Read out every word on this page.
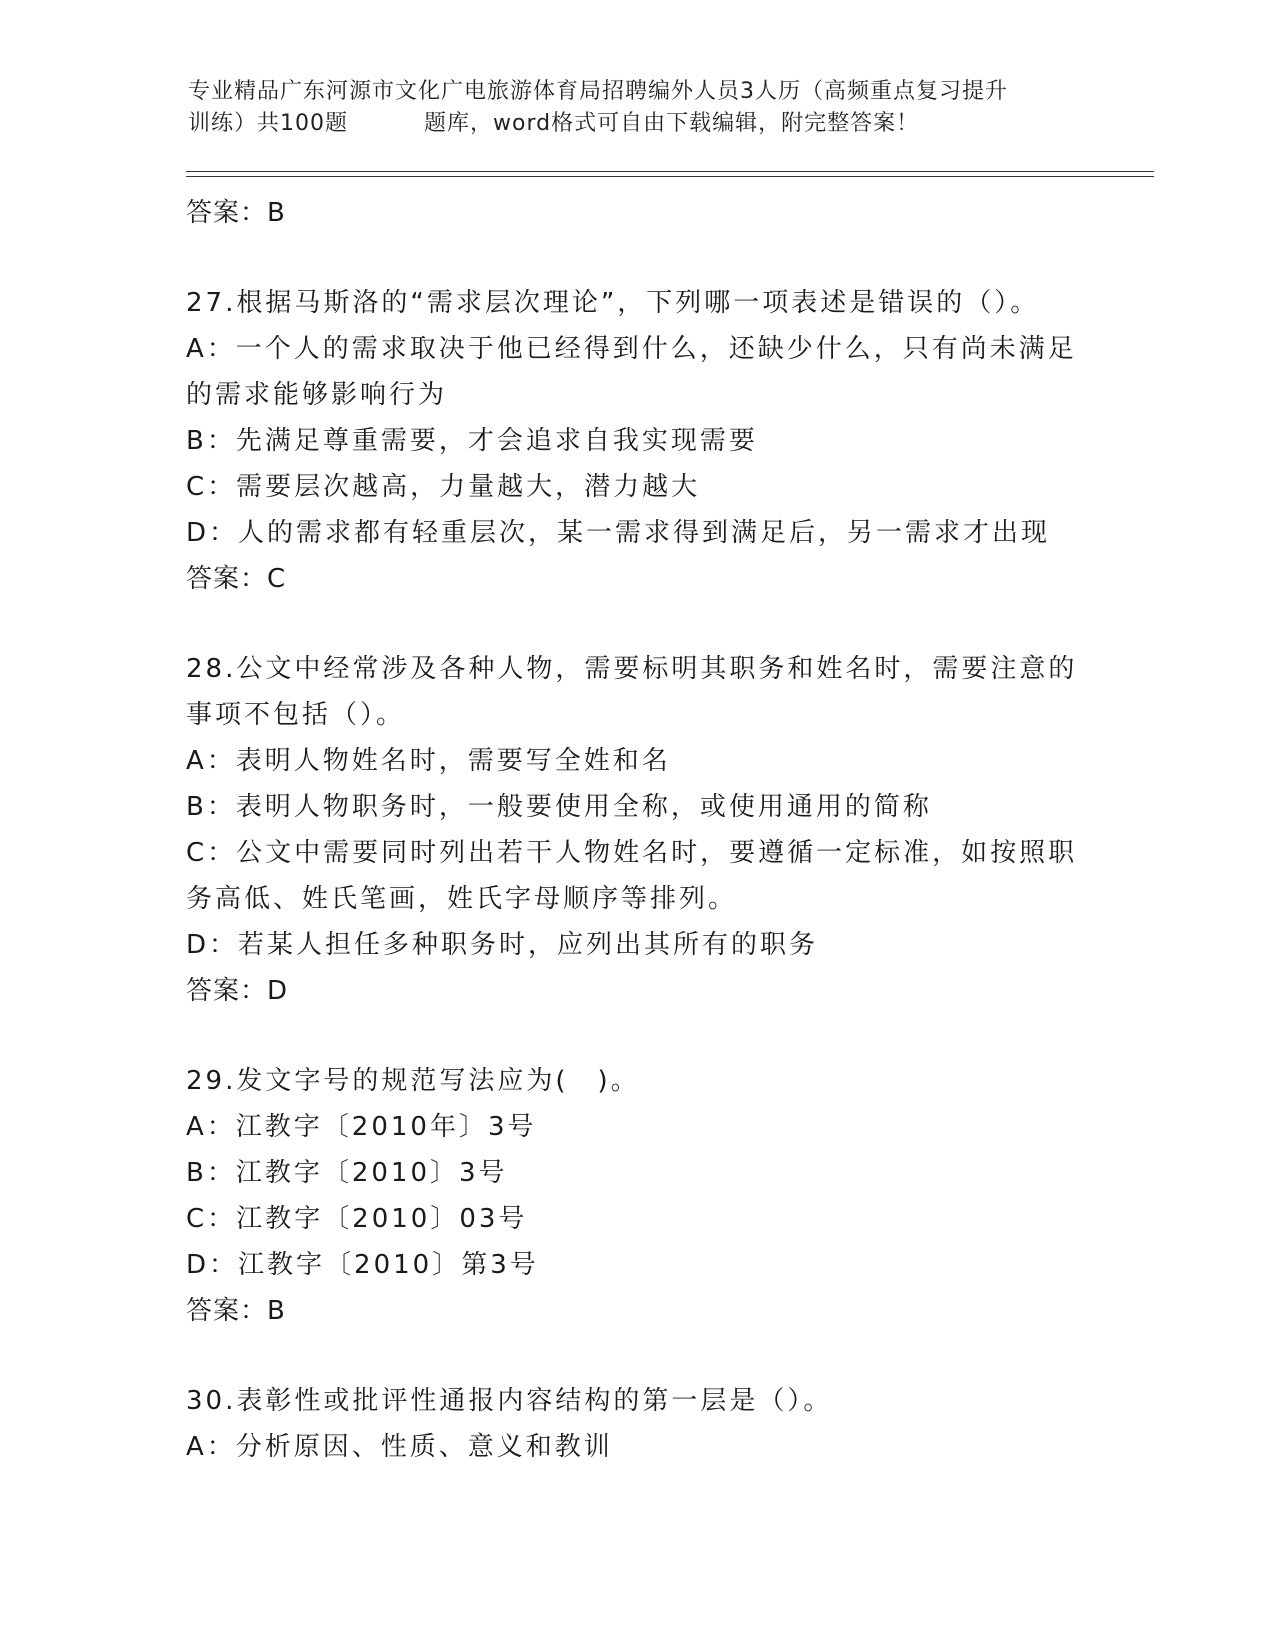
专业精品广东河源市文化广电旅游体育局招聘编外人员3人历（高频重点复习提升
训练）共100题	题库，word格式可自由下载编辑，附完整答案！
答案：B
27.根据马斯洛的“需求层次理论”，下列哪一项表述是错误的（）。
A：一个人的需求取决于他已经得到什么，还缺少什么，只有尚未满足
的需求能够影响行为
B：先满足尊重需要，才会追求自我实现需要
C：需要层次越高，力量越大，潜力越大
D：人的需求都有轻重层次，某一需求得到满足后，另一需求才出现
答案：C
28.公文中经常涉及各种人物，需要标明其职务和姓名时，需要注意的
事项不包括（）。
A：表明人物姓名时，需要写全姓和名
B：表明人物职务时，一般要使用全称，或使用通用的简称
C：公文中需要同时列出若干人物姓名时，要遵循一定标准，如按照职
务高低、姓氏笔画，姓氏字母顺序等排列。
D：若某人担任多种职务时，应列出其所有的职务
答案：D
29.发文字号的规范写法应为(　)。
A：江教字〔2010年〕3号
B：江教字〔2010〕3号
C：江教字〔2010〕03号
D：江教字〔2010〕第3号
答案：B
30.表彰性或批评性通报内容结构的第一层是（）。
A：分析原因、性质、意义和教训
